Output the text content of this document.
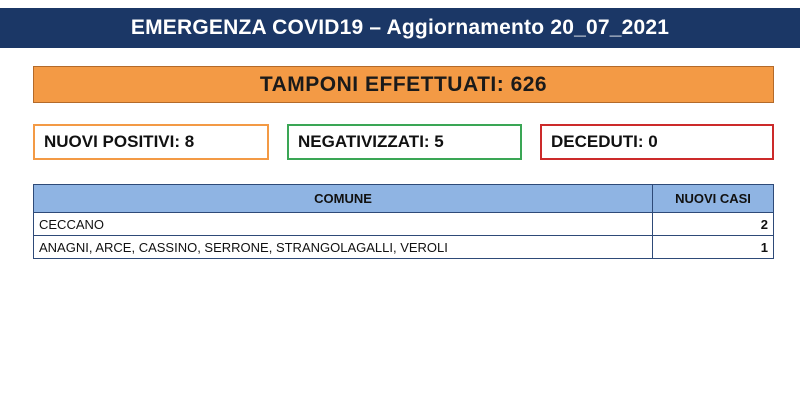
EMERGENZA COVID19 – Aggiornamento 20_07_2021
TAMPONI EFFETTUATI: 626
NUOVI POSITIVI: 8	NEGATIVIZZATI: 5	DECEDUTI: 0
COMUNE	NUOVI CASI
CECCANO	2
ANAGNI, ARCE, CASSINO, SERRONE, STRANGOLAGALLI, VEROLI	1
